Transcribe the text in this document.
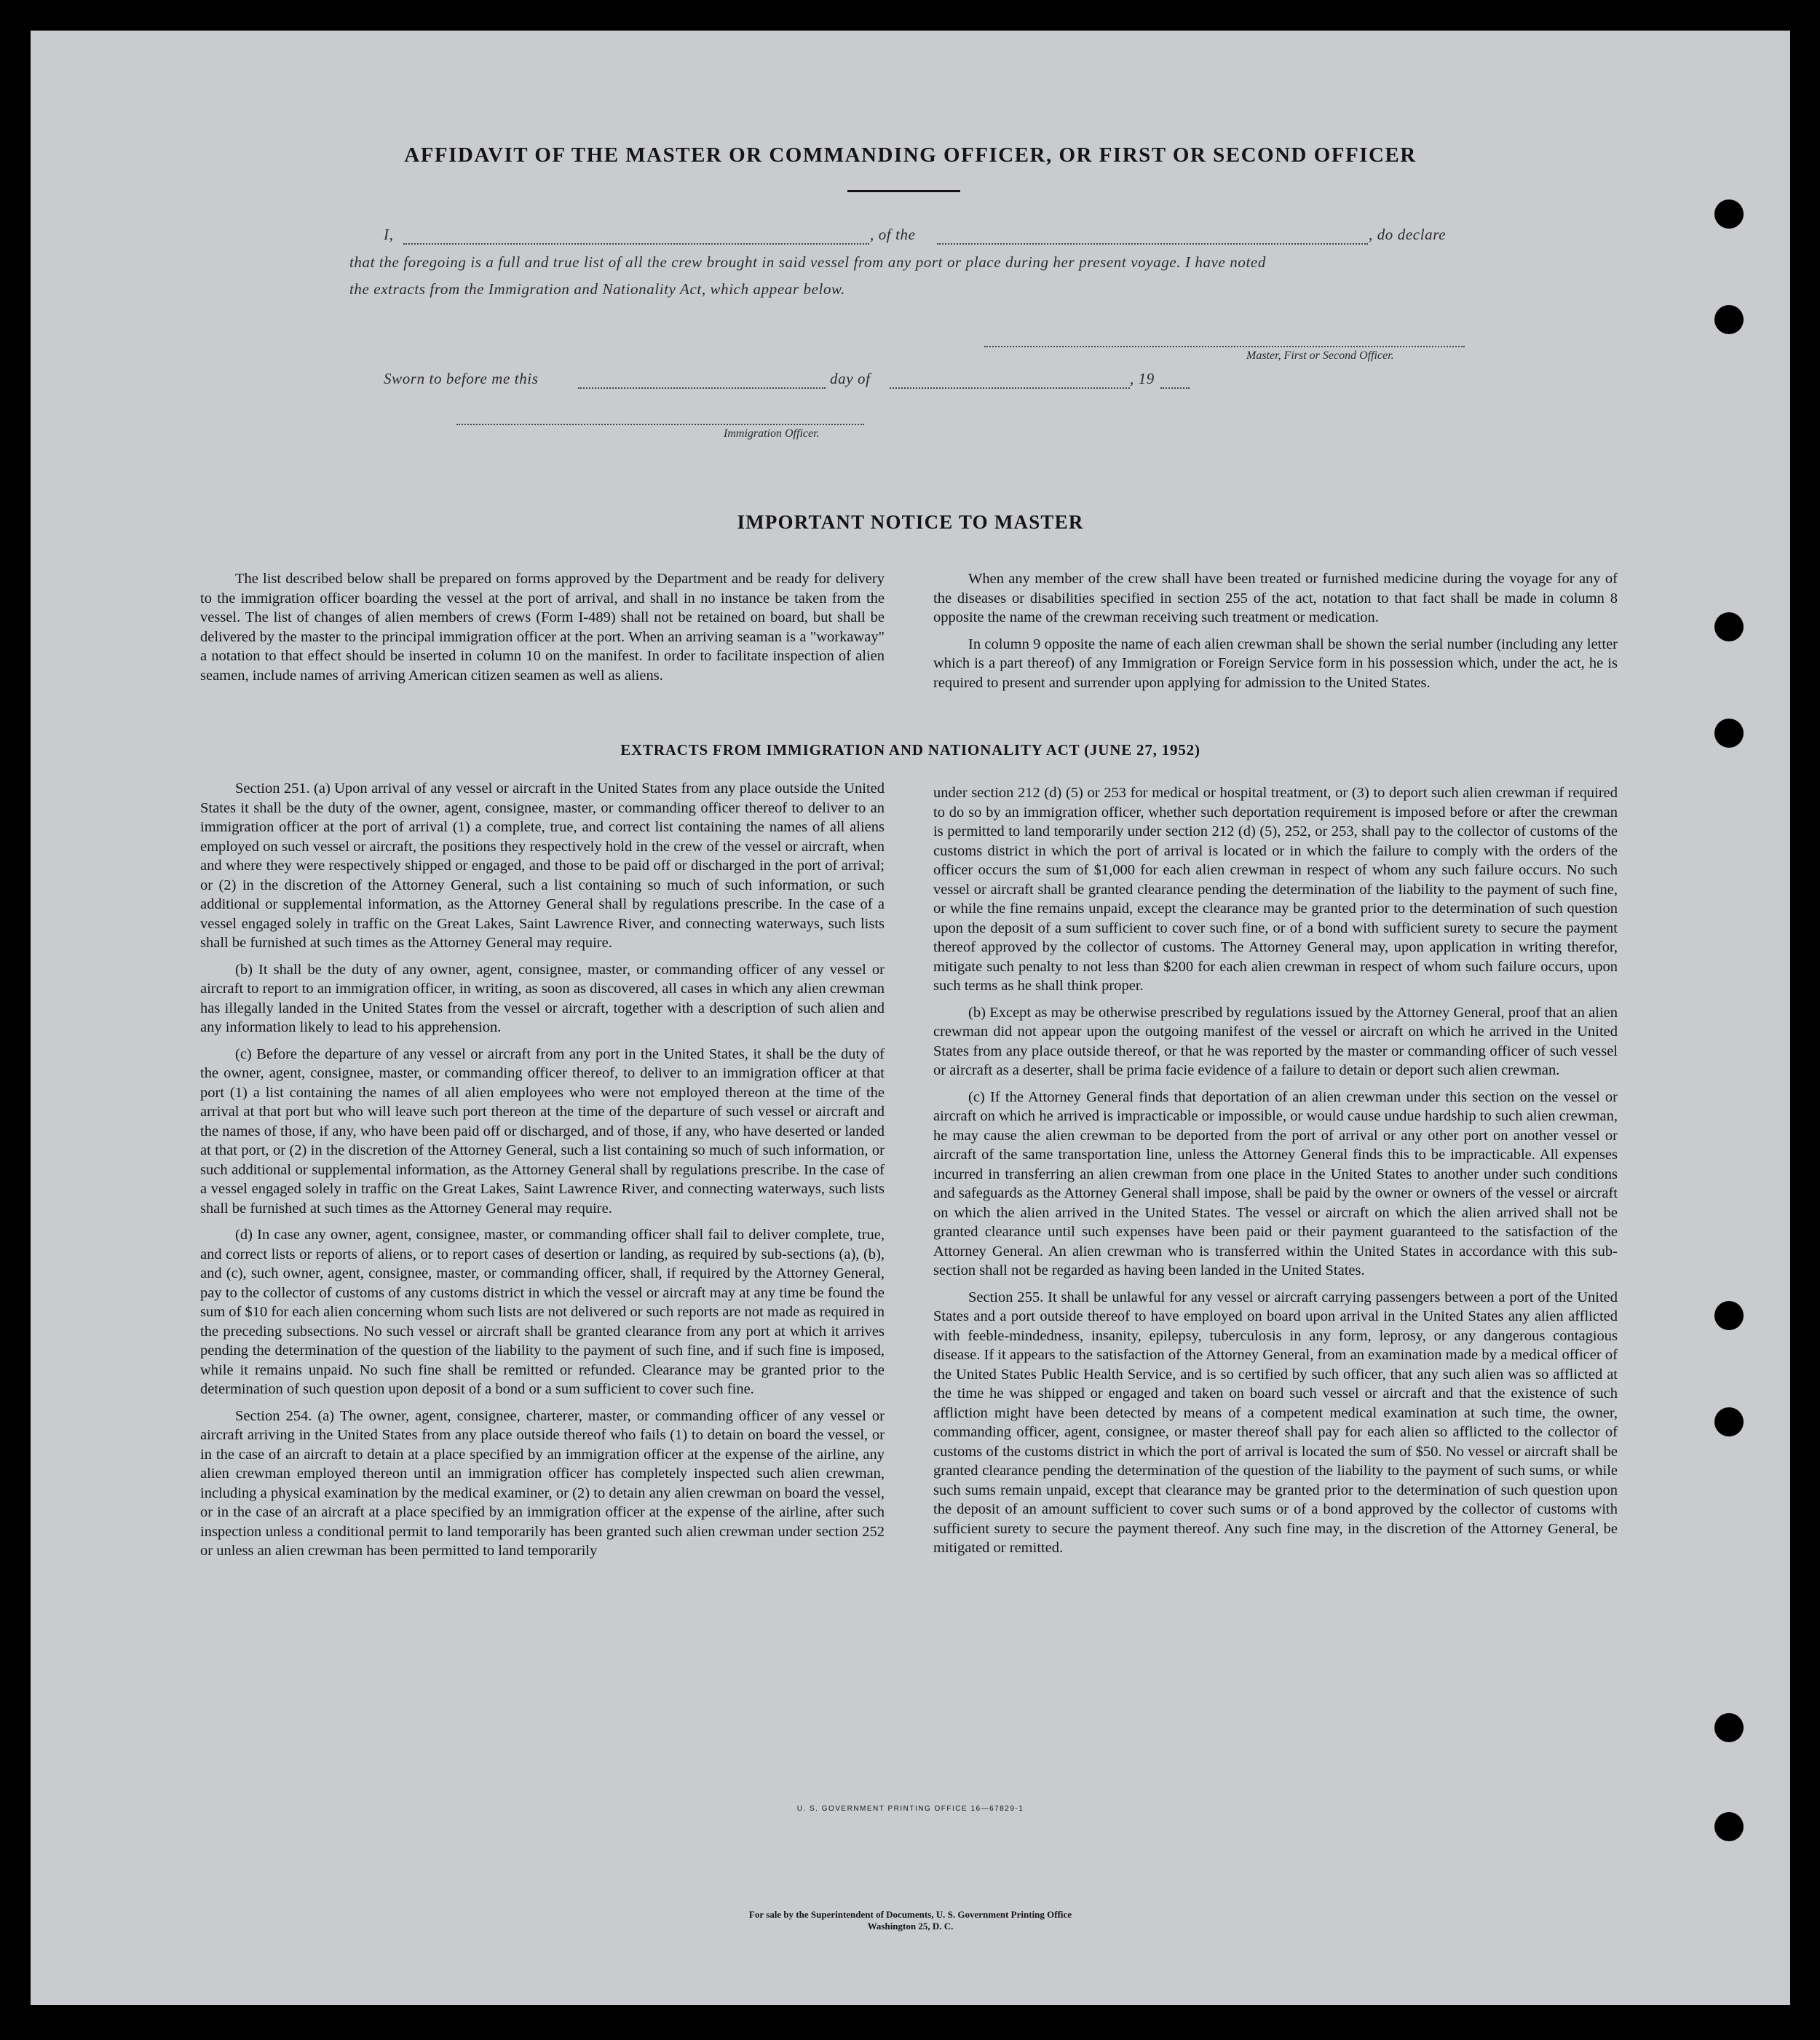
AFFIDAVIT OF THE MASTER OR COMMANDING OFFICER, OR FIRST OR SECOND OFFICER
I,	, of the	, do declare
that the foregoing is a full and true list of all the crew brought in said vessel from any port or place during her present voyage. I have noted
the extracts from the Immigration and Nationality Act, which appear below.
Master, First or Second Officer.
Sworn to before me this	day of	, 19
Immigration Officer.
IMPORTANT NOTICE TO MASTER

The list described below shall be prepared on forms approved by the Department and be ready for delivery to the immigration officer boarding the vessel at the port of arrival, and shall in no instance be taken from the vessel. The list of changes of alien members of crews (Form I-489) shall not be retained on board, but shall be delivered by the master to the principal immigration officer at the port. When an arriving seaman is a "workaway" a notation to that effect should be inserted in column 10 on the manifest. In order to facilitate inspection of alien seamen, include names of arriving American citizen seamen as well as aliens.

When any member of the crew shall have been treated or furnished medicine during the voyage for any of the diseases or disabilities specified in section 255 of the act, notation to that fact shall be made in column 8 opposite the name of the crewman receiving such treatment or medication.

In column 9 opposite the name of each alien crewman shall be shown the serial number (including any letter which is a part thereof) of any Immigration or Foreign Service form in his possession which, under the act, he is required to present and surrender upon applying for admission to the United States.

EXTRACTS FROM IMMIGRATION AND NATIONALITY ACT (JUNE 27, 1952)

Section 251. (a) Upon arrival of any vessel or aircraft in the United States from any place outside the United States it shall be the duty of the owner, agent, consignee, master, or commanding officer thereof to deliver to an immigration officer at the port of arrival (1) a complete, true, and correct list containing the names of all aliens employed on such vessel or aircraft, the positions they respectively hold in the crew of the vessel or aircraft, when and where they were respectively shipped or engaged, and those to be paid off or discharged in the port of arrival; or (2) in the discretion of the Attorney General, such a list containing so much of such information, or such additional or supplemental information, as the Attorney General shall by regulations prescribe. In the case of a vessel engaged solely in traffic on the Great Lakes, Saint Lawrence River, and connecting waterways, such lists shall be furnished at such times as the Attorney General may require.

(b) It shall be the duty of any owner, agent, consignee, master, or commanding officer of any vessel or aircraft to report to an immigration officer, in writing, as soon as discovered, all cases in which any alien crewman has illegally landed in the United States from the vessel or aircraft, together with a description of such alien and any information likely to lead to his apprehension.

(c) Before the departure of any vessel or aircraft from any port in the United States, it shall be the duty of the owner, agent, consignee, master, or commanding officer thereof, to deliver to an immigration officer at that port (1) a list containing the names of all alien employees who were not employed thereon at the time of the arrival at that port but who will leave such port thereon at the time of the departure of such vessel or aircraft and the names of those, if any, who have been paid off or discharged, and of those, if any, who have deserted or landed at that port, or (2) in the discretion of the Attorney General, such a list containing so much of such information, or such additional or supplemental information, as the Attorney General shall by regulations prescribe. In the case of a vessel engaged solely in traffic on the Great Lakes, Saint Lawrence River, and connecting waterways, such lists shall be furnished at such times as the Attorney General may require.

(d) In case any owner, agent, consignee, master, or commanding officer shall fail to deliver complete, true, and correct lists or reports of aliens, or to report cases of desertion or landing, as required by sub-sections (a), (b), and (c), such owner, agent, consignee, master, or commanding officer, shall, if required by the Attorney General, pay to the collector of customs of any customs district in which the vessel or aircraft may at any time be found the sum of $10 for each alien concerning whom such lists are not delivered or such reports are not made as required in the preceding subsections. No such vessel or aircraft shall be granted clearance from any port at which it arrives pending the determination of the question of the liability to the payment of such fine, and if such fine is imposed, while it remains unpaid. No such fine shall be remitted or refunded. Clearance may be granted prior to the determination of such question upon deposit of a bond or a sum sufficient to cover such fine.

Section 254. (a) The owner, agent, consignee, charterer, master, or commanding officer of any vessel or aircraft arriving in the United States from any place outside thereof who fails (1) to detain on board the vessel, or in the case of an aircraft to detain at a place specified by an immigration officer at the expense of the airline, any alien crewman employed thereon until an immigration officer has completely inspected such alien crewman, including a physical examination by the medical examiner, or (2) to detain any alien crewman on board the vessel, or in the case of an aircraft at a place specified by an immigration officer at the expense of the airline, after such inspection unless a conditional permit to land temporarily has been granted such alien crewman under section 252 or unless an alien crewman has been permitted to land temporarily

under section 212 (d) (5) or 253 for medical or hospital treatment, or (3) to deport such alien crewman if required to do so by an immigration officer, whether such deportation requirement is imposed before or after the crewman is permitted to land temporarily under section 212 (d) (5), 252, or 253, shall pay to the collector of customs of the customs district in which the port of arrival is located or in which the failure to comply with the orders of the officer occurs the sum of $1,000 for each alien crewman in respect of whom any such failure occurs. No such vessel or aircraft shall be granted clearance pending the determination of the liability to the payment of such fine, or while the fine remains unpaid, except the clearance may be granted prior to the determination of such question upon the deposit of a sum sufficient to cover such fine, or of a bond with sufficient surety to secure the payment thereof approved by the collector of customs. The Attorney General may, upon application in writing therefor, mitigate such penalty to not less than $200 for each alien crewman in respect of whom such failure occurs, upon such terms as he shall think proper.

(b) Except as may be otherwise prescribed by regulations issued by the Attorney General, proof that an alien crewman did not appear upon the outgoing manifest of the vessel or aircraft on which he arrived in the United States from any place outside thereof, or that he was reported by the master or commanding officer of such vessel or aircraft as a deserter, shall be prima facie evidence of a failure to detain or deport such alien crewman.

(c) If the Attorney General finds that deportation of an alien crewman under this section on the vessel or aircraft on which he arrived is impracticable or impossible, or would cause undue hardship to such alien crewman, he may cause the alien crewman to be deported from the port of arrival or any other port on another vessel or aircraft of the same transportation line, unless the Attorney General finds this to be impracticable. All expenses incurred in transferring an alien crewman from one place in the United States to another under such conditions and safeguards as the Attorney General shall impose, shall be paid by the owner or owners of the vessel or aircraft on which the alien arrived in the United States. The vessel or aircraft on which the alien arrived shall not be granted clearance until such expenses have been paid or their payment guaranteed to the satisfaction of the Attorney General. An alien crewman who is transferred within the United States in accordance with this sub-section shall not be regarded as having been landed in the United States.

Section 255. It shall be unlawful for any vessel or aircraft carrying passengers between a port of the United States and a port outside thereof to have employed on board upon arrival in the United States any alien afflicted with feeble-mindedness, insanity, epilepsy, tuberculosis in any form, leprosy, or any dangerous contagious disease. If it appears to the satisfaction of the Attorney General, from an examination made by a medical officer of the United States Public Health Service, and is so certified by such officer, that any such alien was so afflicted at the time he was shipped or engaged and taken on board such vessel or aircraft and that the existence of such affliction might have been detected by means of a competent medical examination at such time, the owner, commanding officer, agent, consignee, or master thereof shall pay for each alien so afflicted to the collector of customs of the customs district in which the port of arrival is located the sum of $50. No vessel or aircraft shall be granted clearance pending the determination of the question of the liability to the payment of such sums, or while such sums remain unpaid, except that clearance may be granted prior to the determination of such question upon the deposit of an amount sufficient to cover such sums or of a bond approved by the collector of customs with sufficient surety to secure the payment thereof. Any such fine may, in the discretion of the Attorney General, be mitigated or remitted.

U. S. GOVERNMENT PRINTING OFFICE 16—67829-1
For sale by the Superintendent of Documents, U. S. Government Printing Office
Washington 25, D. C.
